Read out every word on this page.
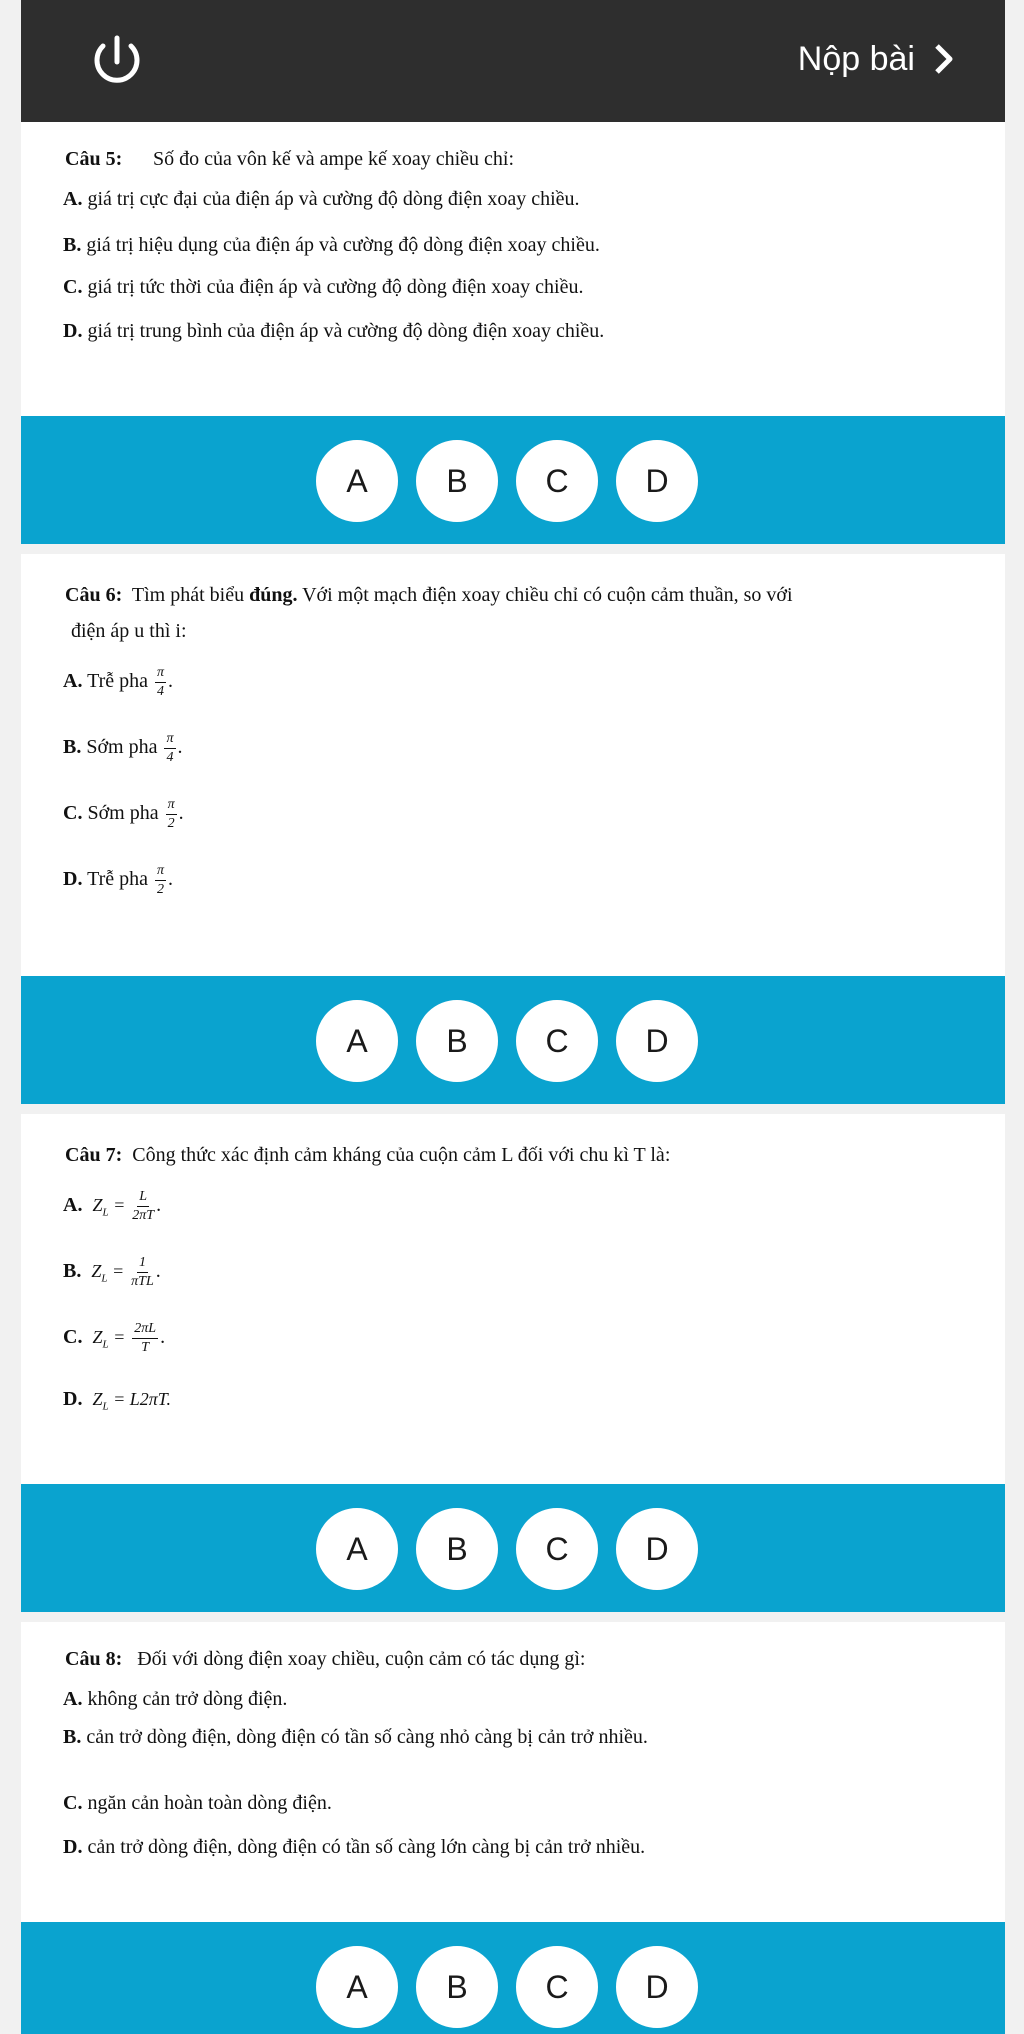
Nộp bài
Câu 5: Số đo của vôn kế và ampe kế xoay chiều chỉ:
A. giá trị cực đại của điện áp và cường độ dòng điện xoay chiều.
B. giá trị hiệu dụng của điện áp và cường độ dòng điện xoay chiều.
C. giá trị tức thời của điện áp và cường độ dòng điện xoay chiều.
D. giá trị trung bình của điện áp và cường độ dòng điện xoay chiều.
A	B	C	D
Câu 6: Tìm phát biểu đúng. Với một mạch điện xoay chiều chỉ có cuộn cảm thuần, so với
điện áp u thì i:
A. Trễ pha $\frac{\pi}{4}$ .
B. Sớm pha $\frac{\pi}{4}$ .
C. Sớm pha $\frac{\pi}{2}$ .
D. Trễ pha $\frac{\pi}{2}$ .
A	B	C	D
Câu 7: Công thức xác định cảm kháng của cuộn cảm L đối với chu kì T là:
A. $Z_L = \frac{L}{2\pi T}$ .
B. $Z_L = \frac{1}{\text{πTL}}$ .
C. $Z_L = \frac{2\pi L}{T}$ .
D. $Z_L = L2\pi T$.
A	B	C	D
Câu 8: Đối với dòng điện xoay chiều, cuộn cảm có tác dụng gì:
A. không cản trở dòng điện.
B. cản trở dòng điện, dòng điện có tần số càng nhỏ càng bị cản trở nhiều.
C. ngăn cản hoàn toàn dòng điện.
D. cản trở dòng điện, dòng điện có tần số càng lớn càng bị cản trở nhiều.
A	B	C	D
